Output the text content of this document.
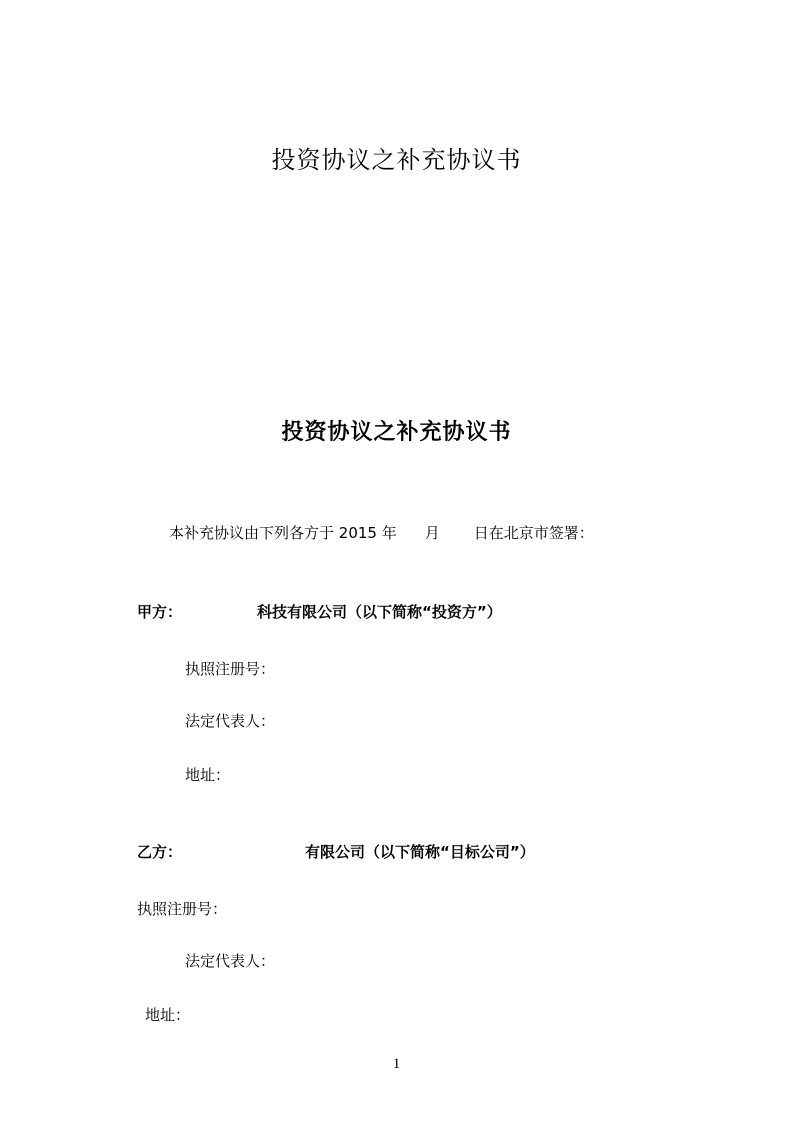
投资协议之补充协议书
投资协议之补充协议书
本补充协议由下列各方于 2015 年 月 日在北京市签署：
甲方：	科技有限公司（以下简称“投资方”）
执照注册号：
法定代表人：
地址：
乙方：	有限公司（以下简称“目标公司”）
执照注册号：
法定代表人：
地址：
1
